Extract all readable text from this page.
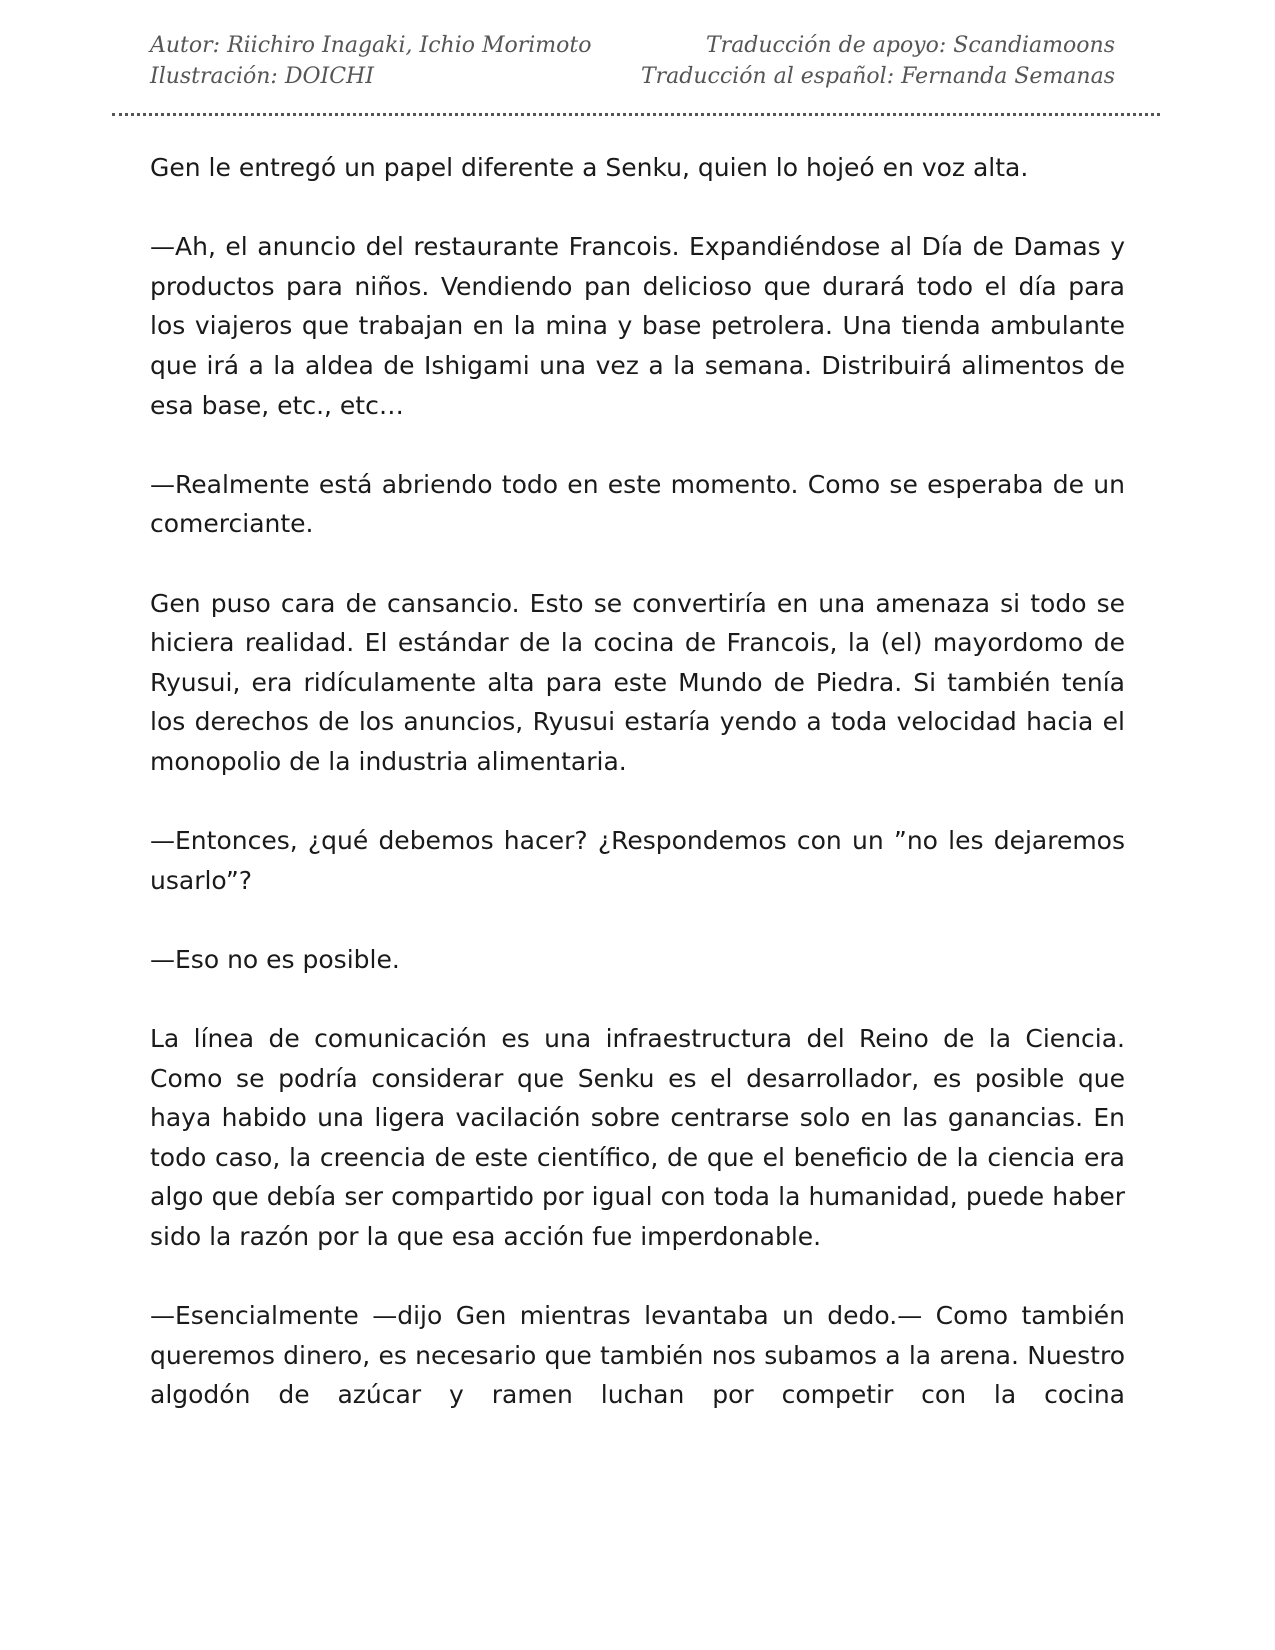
Autor: Riichiro Inagaki, Ichio Morimoto	Traducción de apoyo: Scandiamoons
Ilustración: DOICHI	Traducción al español: Fernanda Semanas

Gen le entregó un papel diferente a Senku, quien lo hojeó en voz alta.

—Ah, el anuncio del restaurante Francois. Expandiéndose al Día de Damas y productos para niños. Vendiendo pan delicioso que durará todo el día para los viajeros que trabajan en la mina y base petrolera. Una tienda ambulante que irá a la aldea de Ishigami una vez a la semana. Distribuirá alimentos de esa base, etc., etc…

—Realmente está abriendo todo en este momento. Como se esperaba de un comerciante.

Gen puso cara de cansancio. Esto se convertiría en una amenaza si todo se hiciera realidad. El estándar de la cocina de Francois, la (el) mayordomo de Ryusui, era ridículamente alta para este Mundo de Piedra. Si también tenía los derechos de los anuncios, Ryusui estaría yendo a toda velocidad hacia el monopolio de la industria alimentaria.

—Entonces, ¿qué debemos hacer? ¿Respondemos con un ”no les dejaremos usarlo”?

—Eso no es posible.

La línea de comunicación es una infraestructura del Reino de la Ciencia. Como se podría considerar que Senku es el desarrollador, es posible que haya habido una ligera vacilación sobre centrarse solo en las ganancias. En todo caso, la creencia de este científico, de que el beneficio de la ciencia era algo que debía ser compartido por igual con toda la humanidad, puede haber sido la razón por la que esa acción fue imperdonable.

—Esencialmente —dijo Gen mientras levantaba un dedo.— Como también queremos dinero, es necesario que también nos subamos a la arena. Nuestro algodón de azúcar y ramen luchan por competir con la cocina
